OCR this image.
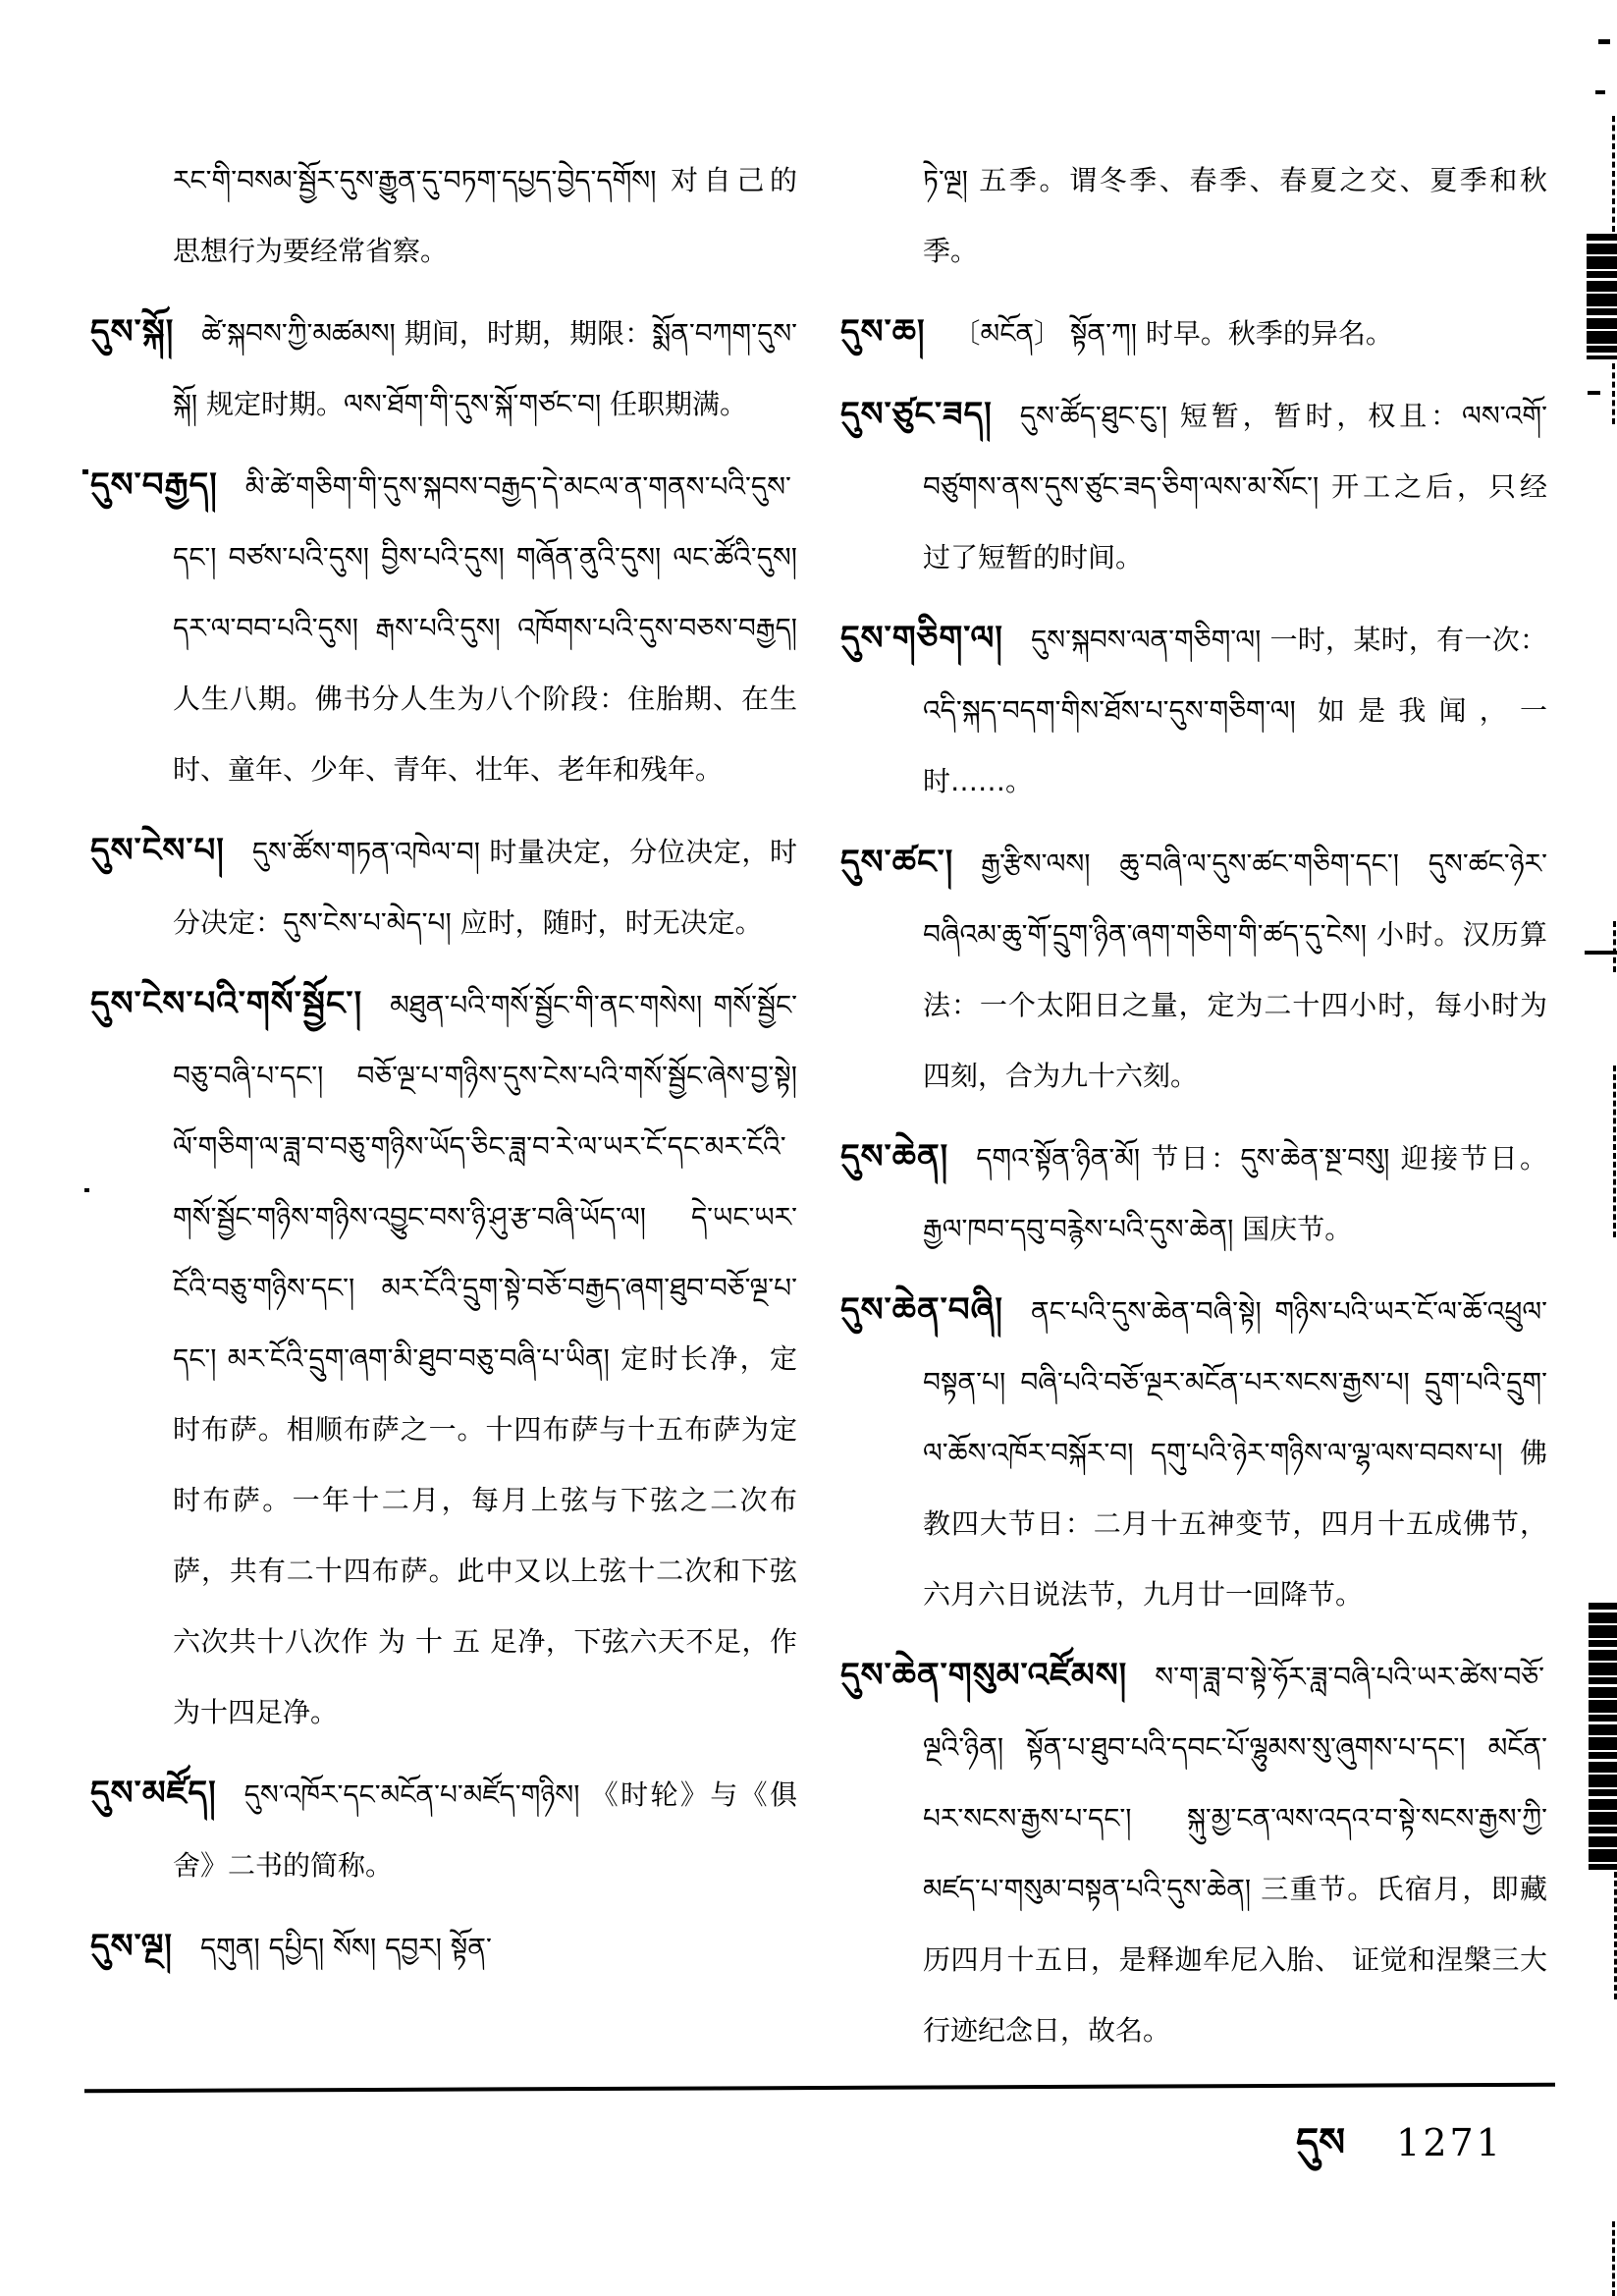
རང་གི་བསམ་སྦྱོར་དུས་རྒྱུན་དུ་བཏག་དཔྱད་བྱེད་དགོས། 对自己的思想行为要经常省察。

དུས་སྐོ། ཚེ་སྐབས་ཀྱི་མཚམས། 期间，时期，期限：སྨོན་བཀག་དུས་སྐོ། 规定时期。ལས་ཐོག་གི་དུས་སྐོ་གཙང་བ། 任职期满。

དུས་བརྒྱད། མི་ཚེ་གཅིག་གི་དུས་སྐབས་བརྒྱད་དེ་མངལ་ན་གནས་པའི་དུས་དང་། བཙས་པའི་དུས། བྱིས་པའི་དུས། གཞོན་ནུའི་དུས། ལང་ཚོའི་དུས། དར་ལ་བབ་པའི་དུས། རྒས་པའི་དུས། འཁོགས་པའི་དུས་བཅས་བརྒྱད། 人生八期。佛书分人生为八个阶段：住胎期、在生时、童年、少年、青年、壮年、老年和残年。

དུས་ངེས་པ། དུས་ཚོས་གཏན་འཁེལ་བ། 时量决定，分位决定，时分决定：དུས་ངེས་པ་མེད་པ། 应时，随时，时无决定。

དུས་ངེས་པའི་གསོ་སྦྱོང་། མཐུན་པའི་གསོ་སྦྱོང་གི་ནང་གསེས། གསོ་སྦྱོང་བཅུ་བཞི་པ་དང་། བཅོ་ལྔ་པ་གཉིས་དུས་ངེས་པའི་གསོ་སྦྱོང་ཞེས་བྱ་སྟེ། ལོ་གཅིག་ལ་ཟླ་བ་བཅུ་གཉིས་ཡོད་ཅིང་ཟླ་བ་རེ་ལ་ཡར་ངོ་དང་མར་ངོའི་གསོ་སྦྱོང་གཉིས་གཉིས་འབྱུང་བས་ཉི་ཤུ་རྩ་བཞི་ཡོད་ལ། དེ་ཡང་ཡར་ངོའི་བཅུ་གཉིས་དང་། མར་ངོའི་དྲུག་སྟེ་བཅོ་བརྒྱད་ཞག་ཐུབ་བཅོ་ལྔ་པ་དང་། མར་ངོའི་དྲུག་ཞག་མི་ཐུབ་བཅུ་བཞི་པ་ཡིན། 定时长净，定时布萨。相顺布萨之一。十四布萨与十五布萨为定时布萨。一年十二月，每月上弦与下弦之二次布萨，共有二十四布萨。此中又以上弦十二次和下弦六次共十八次作 为 十 五 足净，下弦六天不足，作为十四足净。

དུས་མཛོད། དུས་འཁོར་དང་མངོན་པ་མཛོད་གཉིས། 《时轮》与《俱舍》二书的简称。

དུས་ལྔ། དགུན། དཔྱིད། སོས། དབྱར། སྟོན་

ཏེ་ལྔ། 五季。谓冬季、春季、春夏之交、夏季和秋季。

དུས་ཆ། 〔མངོན〕 སྟོན་ཀ། 时早。秋季的异名。

དུས་ཙུང་ཟད། དུས་ཚོད་ཐུང་ངུ་། 短暂，暂时，权且：ལས་འགོ་བཙུགས་ནས་དུས་ཙུང་ཟད་ཅིག་ལས་མ་སོང་། 开工之后，只经过了短暂的时间。

དུས་གཅིག་ལ། དུས་སྐབས་ལན་གཅིག་ལ། 一时，某时，有一次：འདི་སྐད་བདག་གིས་ཐོས་པ་དུས་གཅིག་ལ། 如是我闻，一时……。

དུས་ཚང་། རྒྱ་རྩིས་ལས། ཆུ་བཞི་ལ་དུས་ཚང་གཅིག་དང་། དུས་ཚང་ཉེར་བཞིའམ་ཆུ་གོ་དྲུག་ཉིན་ཞག་གཅིག་གི་ཚད་དུ་ངེས། 小时。汉历算法：一个太阳日之量，定为二十四小时，每小时为四刻，合为九十六刻。

དུས་ཆེན། དགའ་སྟོན་ཉིན་མོ། 节日：དུས་ཆེན་སྔ་བསུ། 迎接节日。རྒྱལ་ཁབ་དབུ་བརྙེས་པའི་དུས་ཆེན། 国庆节。

དུས་ཆེན་བཞི། ནང་པའི་དུས་ཆེན་བཞི་སྟེ། གཉིས་པའི་ཡར་ངོ་ལ་ཆོ་འཕྲུལ་བསྟན་པ། བཞི་པའི་བཅོ་ལྔར་མངོན་པར་སངས་རྒྱས་པ། དྲུག་པའི་དྲུག་ལ་ཆོས་འཁོར་བསྐོར་བ། དགུ་པའི་ཉེར་གཉིས་ལ་ལྷ་ལས་བབས་པ། 佛教四大节日：二月十五神变节，四月十五成佛节， 六月六日说法节，九月廿一回降节。

དུས་ཆེན་གསུམ་འཛོམས། ས་ག་ཟླ་བ་སྟེ་ཧོར་ཟླ་བཞི་པའི་ཡར་ཚེས་བཅོ་ལྔའི་ཉིན། སྟོན་པ་ཐུབ་པའི་དབང་པོ་ལྷུམས་སུ་ཞུགས་པ་དང་། མངོན་པར་སངས་རྒྱས་པ་དང་། སྐུ་མྱ་ངན་ལས་འདའ་བ་སྟེ་སངས་རྒྱས་ཀྱི་མཛད་པ་གསུམ་བསྟན་པའི་དུས་ཆེན། 三重节。氏宿月，即藏历四月十五日，是释迦牟尼入胎、 证觉和涅槃三大行迹纪念日，故名。

དུས 1271
